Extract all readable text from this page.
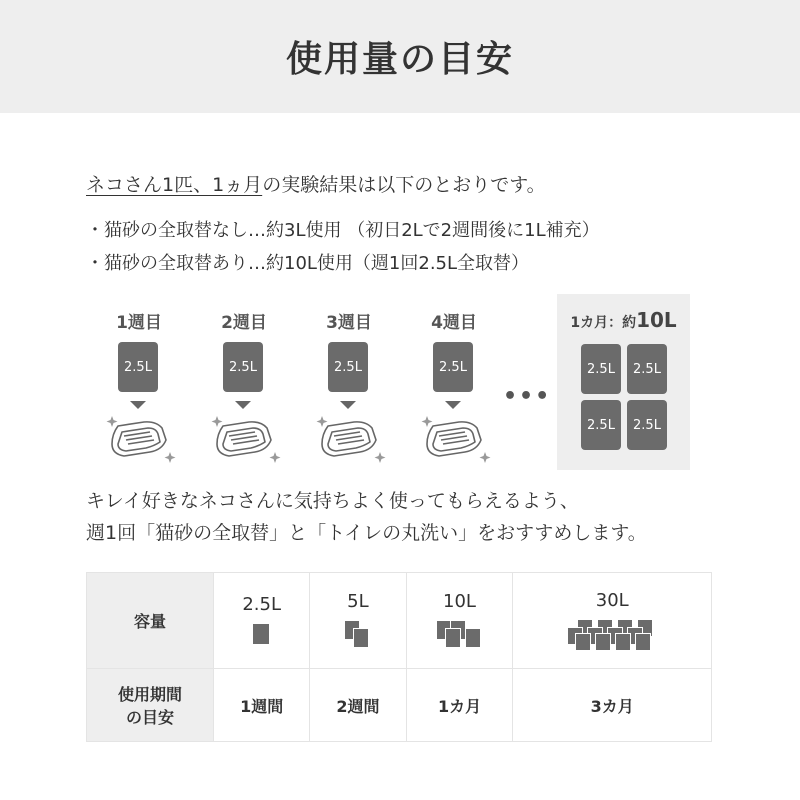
使用量の目安
ネコさん1匹、1ヵ月の実験結果は以下のとおりです。
・猫砂の全取替なし…約3L使用 （初日2Lで2週間後に1L補充）
・猫砂の全取替あり…約10L使用（週1回2.5L全取替）
1週目	2週目	3週目	4週目
2.5L	2.5L	2.5L	2.5L
•••
1カ月：約10L
2.5L	2.5L
2.5L	2.5L
キレイ好きなネコさんに気持ちよく使ってもらえるよう、
週1回「猫砂の全取替」と「トイレの丸洗い」をおすすめします。
容量	2.5L	5L	10L	30L

使用期間
の目安	1週間	2週間	1カ月	3カ月
